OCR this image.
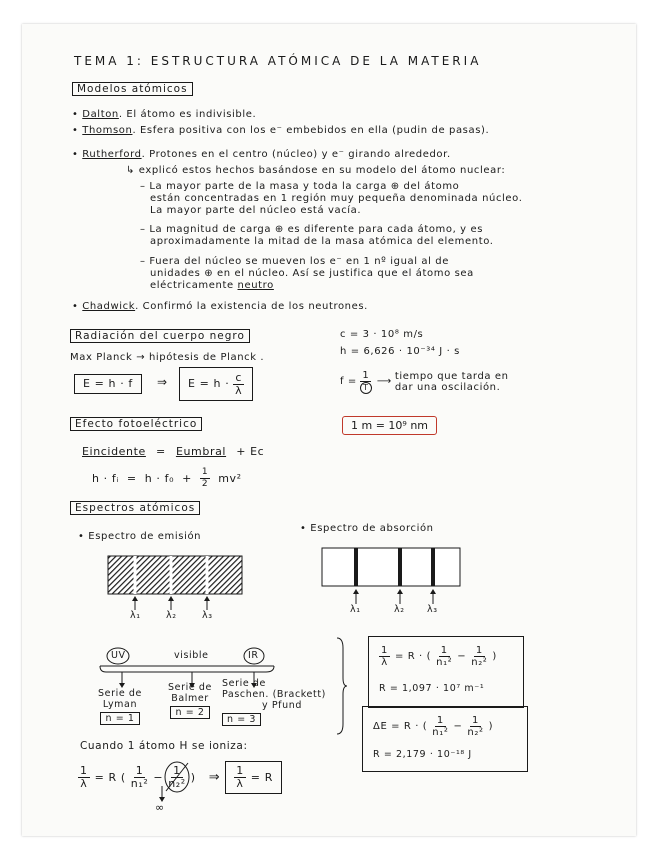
TEMA 1: ESTRUCTURA ATÓMICA DE LA MATERIA
Modelos atómicos
• Dalton. El átomo es indivisible.
• Thomson. Esfera positiva con los e⁻ embebidos en ella (pudin de pasas).
• Rutherford. Protones en el centro (núcleo) y e⁻ girando alrededor.
↳ explicó estos hechos basándose en su modelo del átomo nuclear:
– La mayor parte de la masa y toda la carga ⊕ del átomo
están concentradas en 1 región muy pequeña denominada núcleo.
La mayor parte del núcleo está vacía.
– La magnitud de carga ⊕ es diferente para cada átomo, y es
aproximadamente la mitad de la masa atómica del elemento.
– Fuera del núcleo se mueven los e⁻ en 1 nº igual al de
unidades ⊕ en el núcleo. Así se justifica que el átomo sea
eléctricamente neutro
• Chadwick. Confirmó la existencia de los neutrones.
Radiación del cuerpo negro
Max Planck → hipótesis de Planck .
E = h · f	⇒ E = h · c
λ
c = 3 · 10⁸ m/s
h = 6,626 · 10⁻³⁴ J · s
f =
1
T
⟶ tiempo que tarda en
dar una oscilación.
1 m = 10⁹ nm
Efecto fotoeléctrico
Eincidente = Eumbral + Ec
h · fᵢ = $h \cdot f_0 + \frac{1}{2} mv^2$
Espectros atómicos
• Espectro de emisión
• Espectro de absorción
λ₁	λ₂	λ₃
λ₁	λ₂ λ₃
UV	visible	IR
Serie de
Lyman
n = 1
Serie de
Balmer
n = 2
Serie de
Paschen. (Brackett)
y Pfund
n = 3
$\frac{1}{\lambda} = R$ · ( 1
n₁²
− $\frac{1}{\text{n₂²}}$ )
R = 1,097 · 10⁷ m⁻¹
ΔE = R · ( 1
n₁²
− $\frac{1}{\text{n₂²}}$ )
R = 2,179 · 10⁻¹⁸ J
Cuando 1 átomo H se ioniza:
$\frac{1}{\lambda} = R$ ( 1
$n_1^2 - \frac{1}{\text{n₂²}}$ ) ⇒ $\frac{1}{\lambda} = R$
∞
